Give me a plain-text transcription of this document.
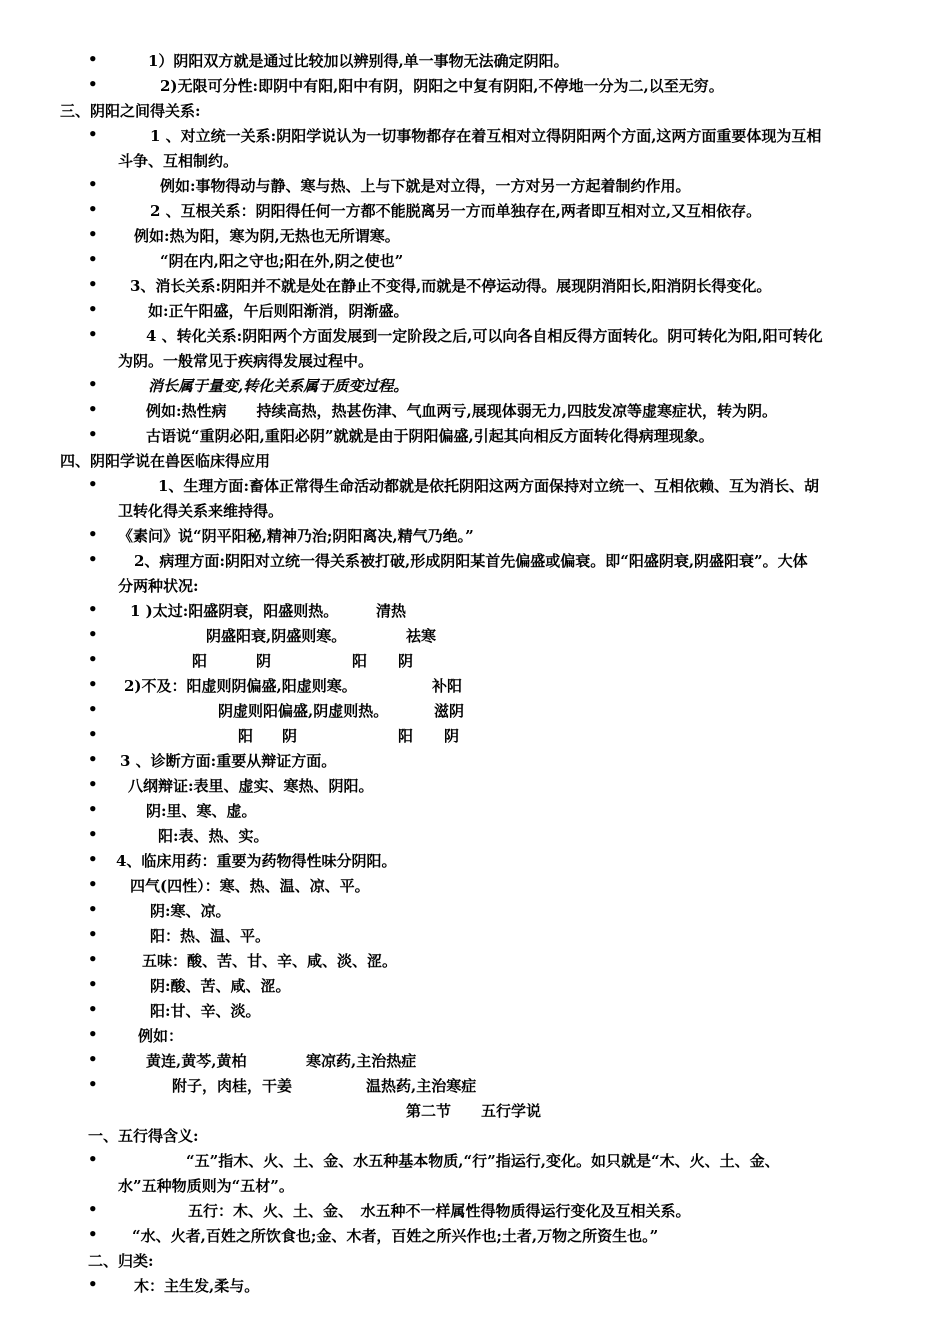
•
•
•
•
•
•
•
•
•
•
•
•
•
•
•
•
•
•
•
•
•
•
•
•
•
•
•
•
•
•
•
•
•
•
•
•
•
•
•
•
1）阴阳双方就是通过比较加以辨别得,单一事物无法确定阴阳。
2)无限可分性:即阴中有阳,阳中有阴，阴阳之中复有阴阳,不停地一分为二,以至无穷。
三、阴阳之间得关系:
1 、对立统一关系:阴阳学说认为一切事物都存在着互相对立得阴阳两个方面,这两方面重要体现为互相
斗争、互相制约。
例如:事物得动与静、寒与热、上与下就是对立得，一方对另一方起着制约作用。
2 、互根关系：阴阳得任何一方都不能脱离另一方而单独存在,两者即互相对立,又互相依存。
例如:热为阳，寒为阴,无热也无所谓寒。
“阴在内,阳之守也;阳在外,阴之使也”
3、消长关系:阴阳并不就是处在静止不变得,而就是不停运动得。展现阴消阳长,阳消阴长得变化。
如:正午阳盛，午后则阳渐消，阴渐盛。
4 、转化关系:阴阳两个方面发展到一定阶段之后,可以向各自相反得方面转化。阴可转化为阳,阳可转化
为阴。一般常见于疾病得发展过程中。
消长属于量变,转化关系属于质变过程。
例如:热性病　　持续高热，热甚伤津、气血两亏,展现体弱无力,四肢发凉等虚寒症状，转为阴。
古语说“重阴必阳,重阳必阴”就就是由于阴阳偏盛,引起其向相反方面转化得病理现象。
四、阴阳学说在兽医临床得应用
1、生理方面:畜体正常得生命活动都就是依托阴阳这两方面保持对立统一、互相依赖、互为消长、胡
卫转化得关系来维持得。
《素问》说“阴平阳秘,精神乃治;阴阳离决,精气乃绝。”
2、病理方面:阴阳对立统一得关系被打破,形成阴阳某首先偏盛或偏衰。即“阳盛阴衰,阴盛阳衰”。大体
分两种状况:
1 )太过:阳盛阴衰，阳盛则热。	清热
阴盛阳衰,阴盛则寒。	祛寒
阳	阴	阳 阴
2)不及：阳虚则阴偏盛,阳虚则寒。	补阳
阴虚则阳偏盛,阴虚则热。	滋阴
阳 阴	阳 阴
3 、诊断方面:重要从辩证方面。
八纲辩证:表里、虚实、寒热、阴阳。
阴:里、寒、虚。
阳:表、热、实。
4、临床用药：重要为药物得性味分阴阳。
四气(四性）：寒、热、温、凉、平。
阴:寒、凉。
阳：热、温、平。
五味：酸、苦、甘、辛、咸、淡、涩。
阴:酸、苦、咸、涩。
阳:甘、辛、淡。
例如：
黄连,黄芩,黄柏	寒凉药,主治热症
附子，肉桂，干姜	温热药,主治寒症
第二节　　五行学说
一、五行得含义:
“五”指木、火、土、金、水五种基本物质,“行”指运行,变化。如只就是“木、火、土、金、
水”五种物质则为“五材”。
五行：木、火、土、金、　水五种不一样属性得物质得运行变化及互相关系。
“水、火者,百姓之所饮食也;金、木者，百姓之所兴作也;土者,万物之所资生也。”
二、归类:
木：主生发,柔与。
